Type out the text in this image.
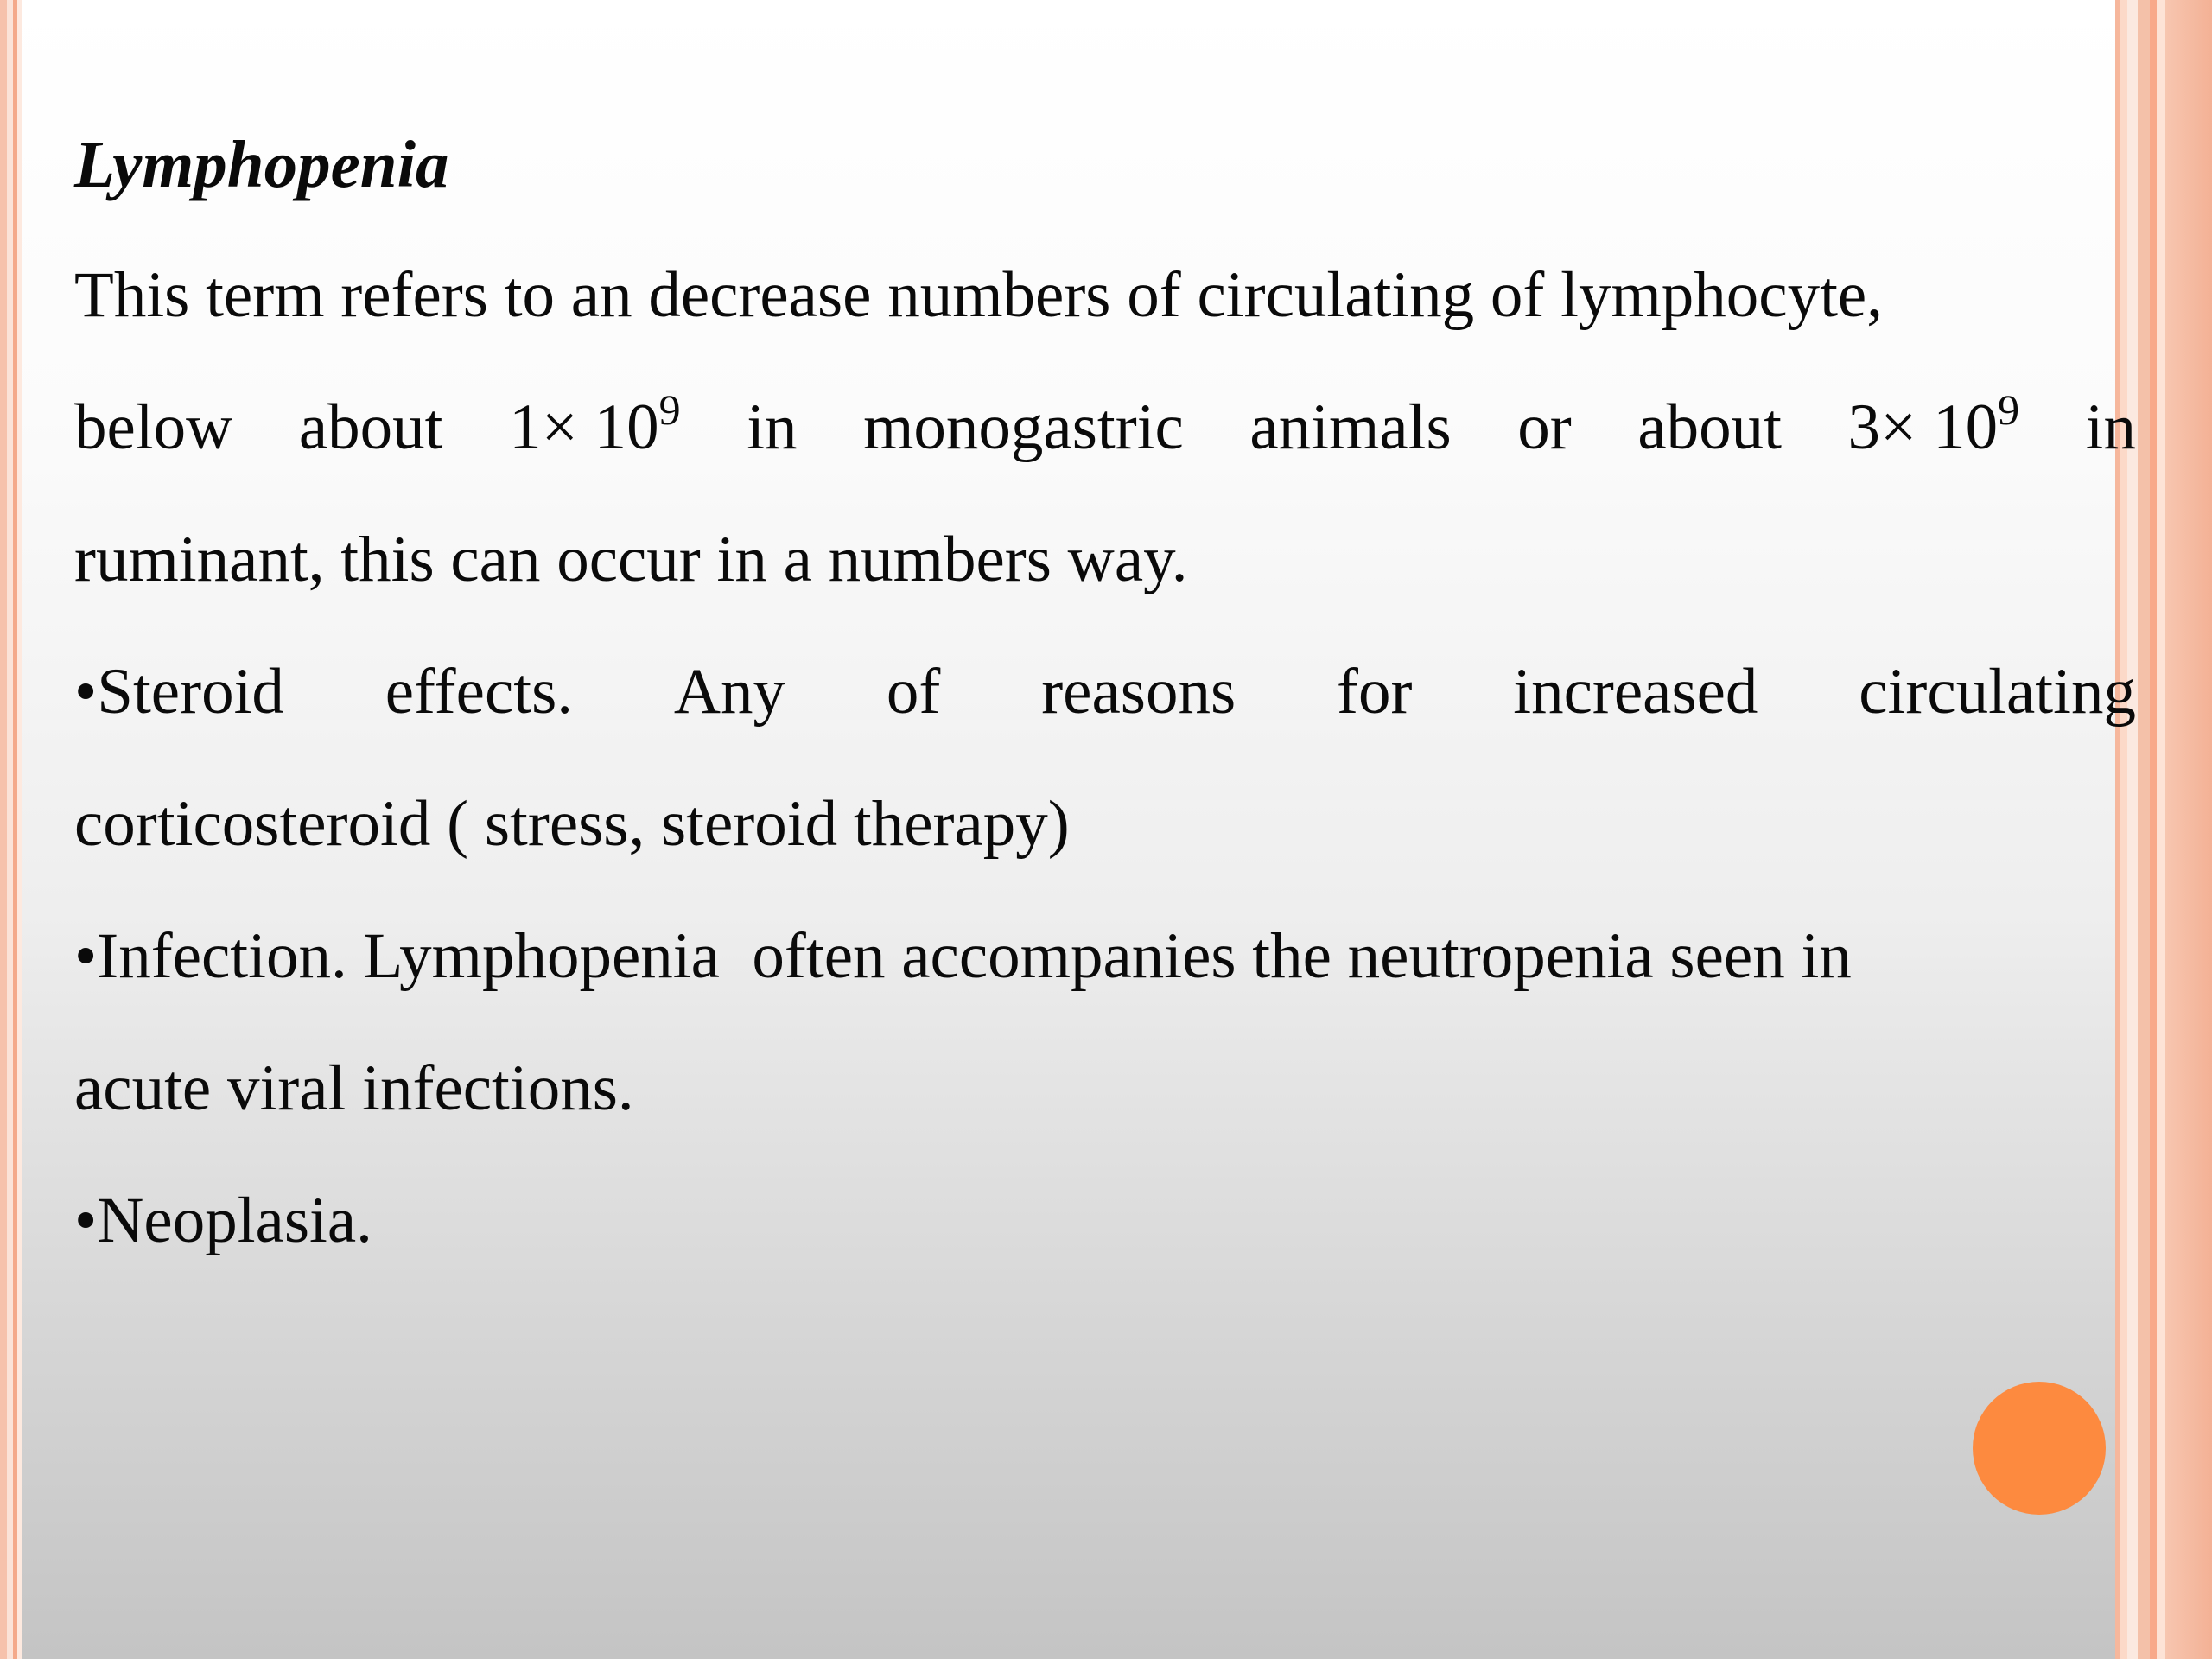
Lymphopenia

This term refers to an decrease numbers of circulating of lymphocyte,

below about $1\times 10^9$ in monogastric animals or about $3\times 10^9$ in

ruminant, this can occur in a numbers way.

•Steroid effects. Any of reasons for increased circulating

corticosteroid ( stress, steroid therapy)

•Infection. Lymphopenia  often accompanies the neutropenia seen in

acute viral infections.

•Neoplasia.
